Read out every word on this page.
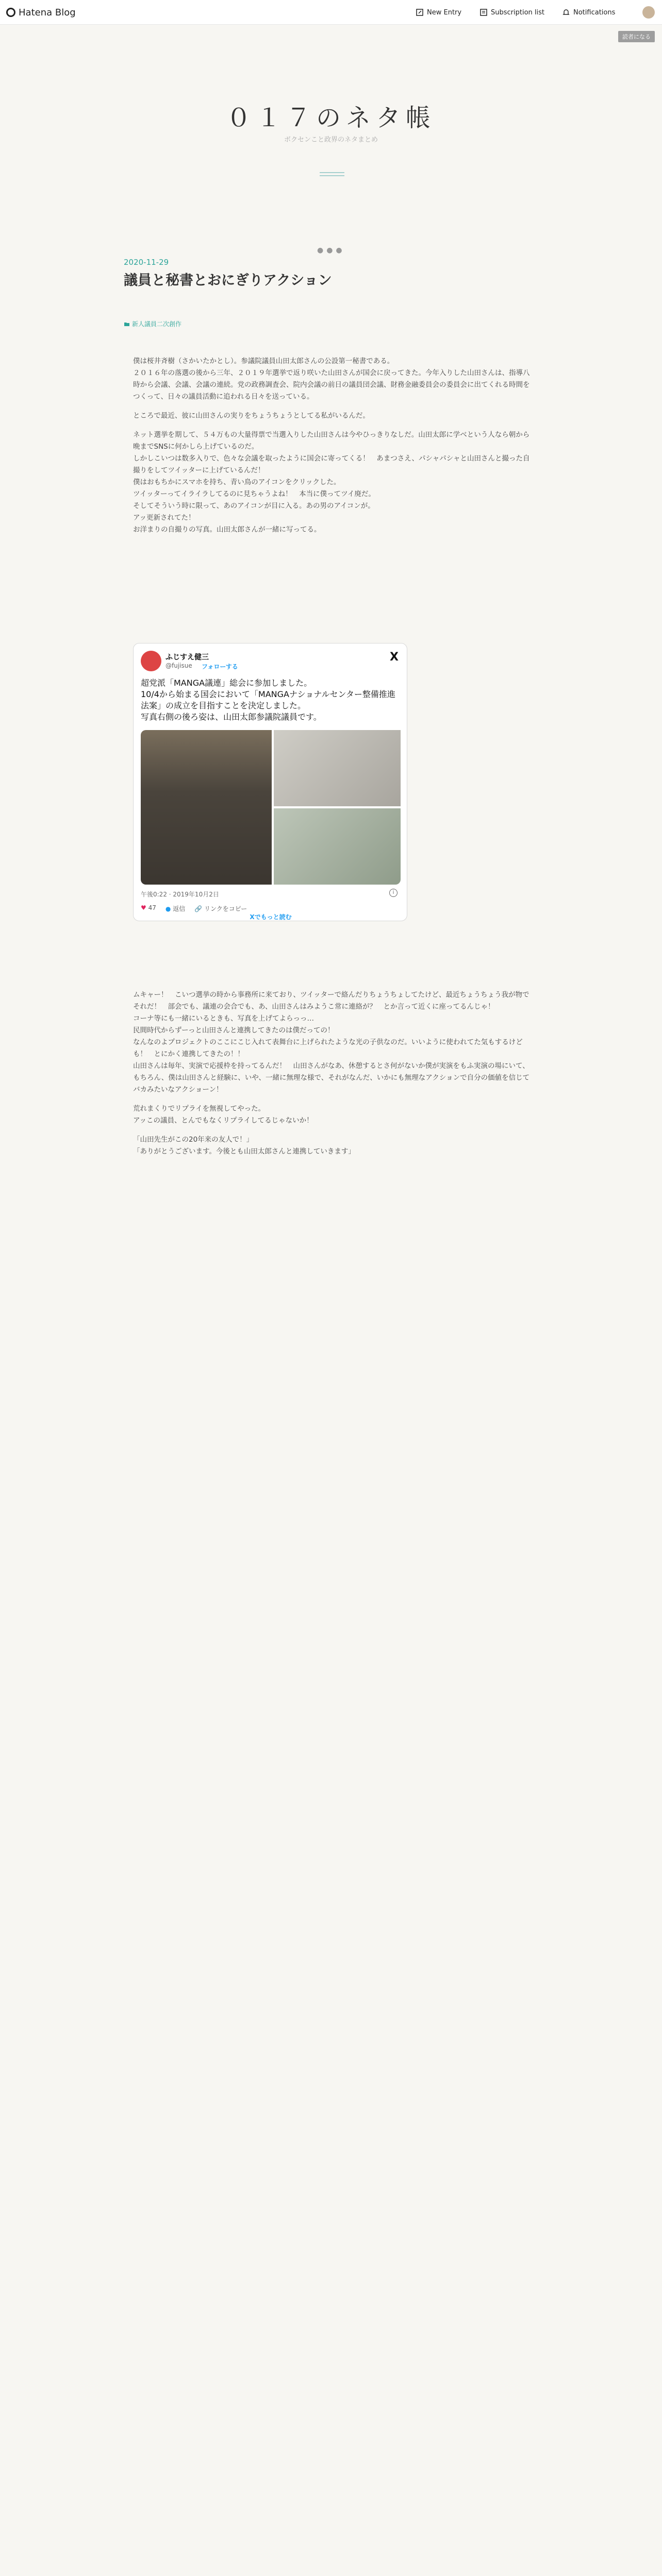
Hatena Blog	New Entry	Subscription list	Notifications
読者になる
０１７のネタ帳
ボクセンこと政界のネタまとめ
●●●
2020-11-29
議員と秘書とおにぎりアクション
新人議員二次創作

僕は桜井斉樹（さかいたかとし）。参議院議員山田太郎さんの公設第一秘書である。
２０１６年の落選の後から三年、２０１９年選挙で返り咲いた山田さんが国会に戻ってきた。今年入りした山田さんは、指導八時から会議、会議、会議の連続。党の政務調査会、院内会議の前日の議員団会議、財務金融委員会の委員会に出てくれる時間をつくって、日々の議員活動に追われる日々を送っている。

ところで最近、彼に山田さんの実りをちょうちょうとしてる私がいるんだ。

ネット選挙を期して、５４万もの大量得票で当選入りした山田さんは今やひっきりなしだ。山田太郎に学べという人なら朝から晩までSNSに何かしら上げているのだ。
しかしこいつは数多入りで、色々な会議を取ったように国会に寄ってくる！　あまつさえ、パシャパシャと山田さんと撮った自撮りをしてツイッターに上げているんだ！
僕はおもちかにスマホを持ち、青い鳥のアイコンをクリックした。
ツイッターってイライラしてるのに見ちゃうよね！　本当に僕ってツイ廃だ。
そしてそういう時に限って、あのアイコンが目に入る。あの男のアイコンが。
アッ更新されてた！
お洋まりの自撮りの写真。山田太郎さんが一緒に写ってる。

ふじすえ健三
@fujisue フォローする
X
超党派「MANGA議連」総会に参加しました。
10/4から始まる国会において「MANGAナショナルセンター整備推進法案」の成立を目指すことを決定しました。
写真右側の後ろ姿は、山田太郎参議院議員です。
午後0:22 · 2019年10月2日	i
♥ 47 ● 返信 🔗 リンクをコピー
Xでもっと読む

ムキャー！　こいつ選挙の時から事務所に来ており、ツイッターで絡んだりちょうちょしてたけど、最近ちょうちょう我が物でそれだ！　部会でも、議連の会合でも、あ、山田さんはみようこ常に連絡が？　とか言って近くに座ってるんじゃ！
コーナ等にも一緒にいるときも、写真を上げてよらっっ…
民間時代からずーっと山田さんと連携してきたのは僕だっての！
なんなのよプロジェクトのここにこじ入れて表舞台に上げられたような光の子供なのだ。いいように使われてた気もするけども！　とにかく連携してきたの！！
山田さんは毎年、実演で応援枠を持ってるんだ！　山田さんがなあ、休憩するとさ何がないか僕が実演をもふ実演の場にいて、もちろん、僕は山田さんと経験に、いや、一緒に無理な様で、それがなんだ、いかにも無理なアクションで自分の価値を信じてバカみたいなアクショーン！

荒れまくりでリプライを無視してやった。
アッこの議員、とんでもなくリプライしてるじゃないか！

「山田先生がこの20年来の友人で！」
「ありがとうございます。今後とも山田太郎さんと連携していきます」
